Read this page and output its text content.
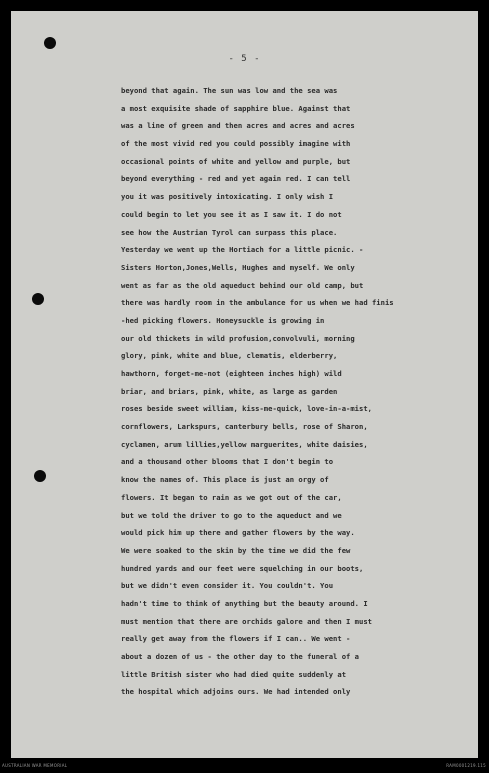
- 5 -
beyond that again. The sun was low and the sea was
a most exquisite shade of sapphire blue. Against that
was a line of green and then acres and acres and acres
of the most vivid red you could possibly imagine with
occasional points of white and yellow and purple, but
beyond everything - red and yet again red. I can tell
you it was positively intoxicating. I only wish I
could begin to let you see it as I saw it. I do not
see how the Austrian Tyrol can surpass this place.
Yesterday we went up the Hortiach for a little picnic. -
Sisters Horton,Jones,Wells, Hughes and myself. We only
went as far as the old aqueduct behind our old camp, but
there was hardly room in the ambulance for us when we had finis
-hed picking flowers. Honeysuckle is growing in
our old thickets in wild profusion,convolvuli, morning
glory, pink, white and blue, clematis, elderberry,
hawthorn, forget-me-not (eighteen inches high) wild
briar, and briars, pink, white, as large as garden
roses beside sweet william, kiss-me-quick, love-in-a-mist,
cornflowers, Larkspurs, canterbury bells, rose of Sharon,
cyclamen, arum lillies,yellow marguerites, white daisies,
and a thousand other blooms that I don't begin to
know the names of. This place is just an orgy of
flowers. It began to rain as we got out of the car,
but we told the driver to go to the aqueduct and we
would pick him up there and gather flowers by the way.
We were soaked to the skin by the time we did the few
hundred yards and our feet were squelching in our boots,
but we didn't even consider it. You couldn't. You
hadn't time to think of anything but the beauty around. I
must mention that there are orchids galore and then I must
really get away from the flowers if I can.. We went -
about a dozen of us - the other day to the funeral of a
little British sister who had died quite suddenly at
the hospital which adjoins ours. We had intended only
AUSTRALIAN WAR MEMORIAL	RAM0001219.115
